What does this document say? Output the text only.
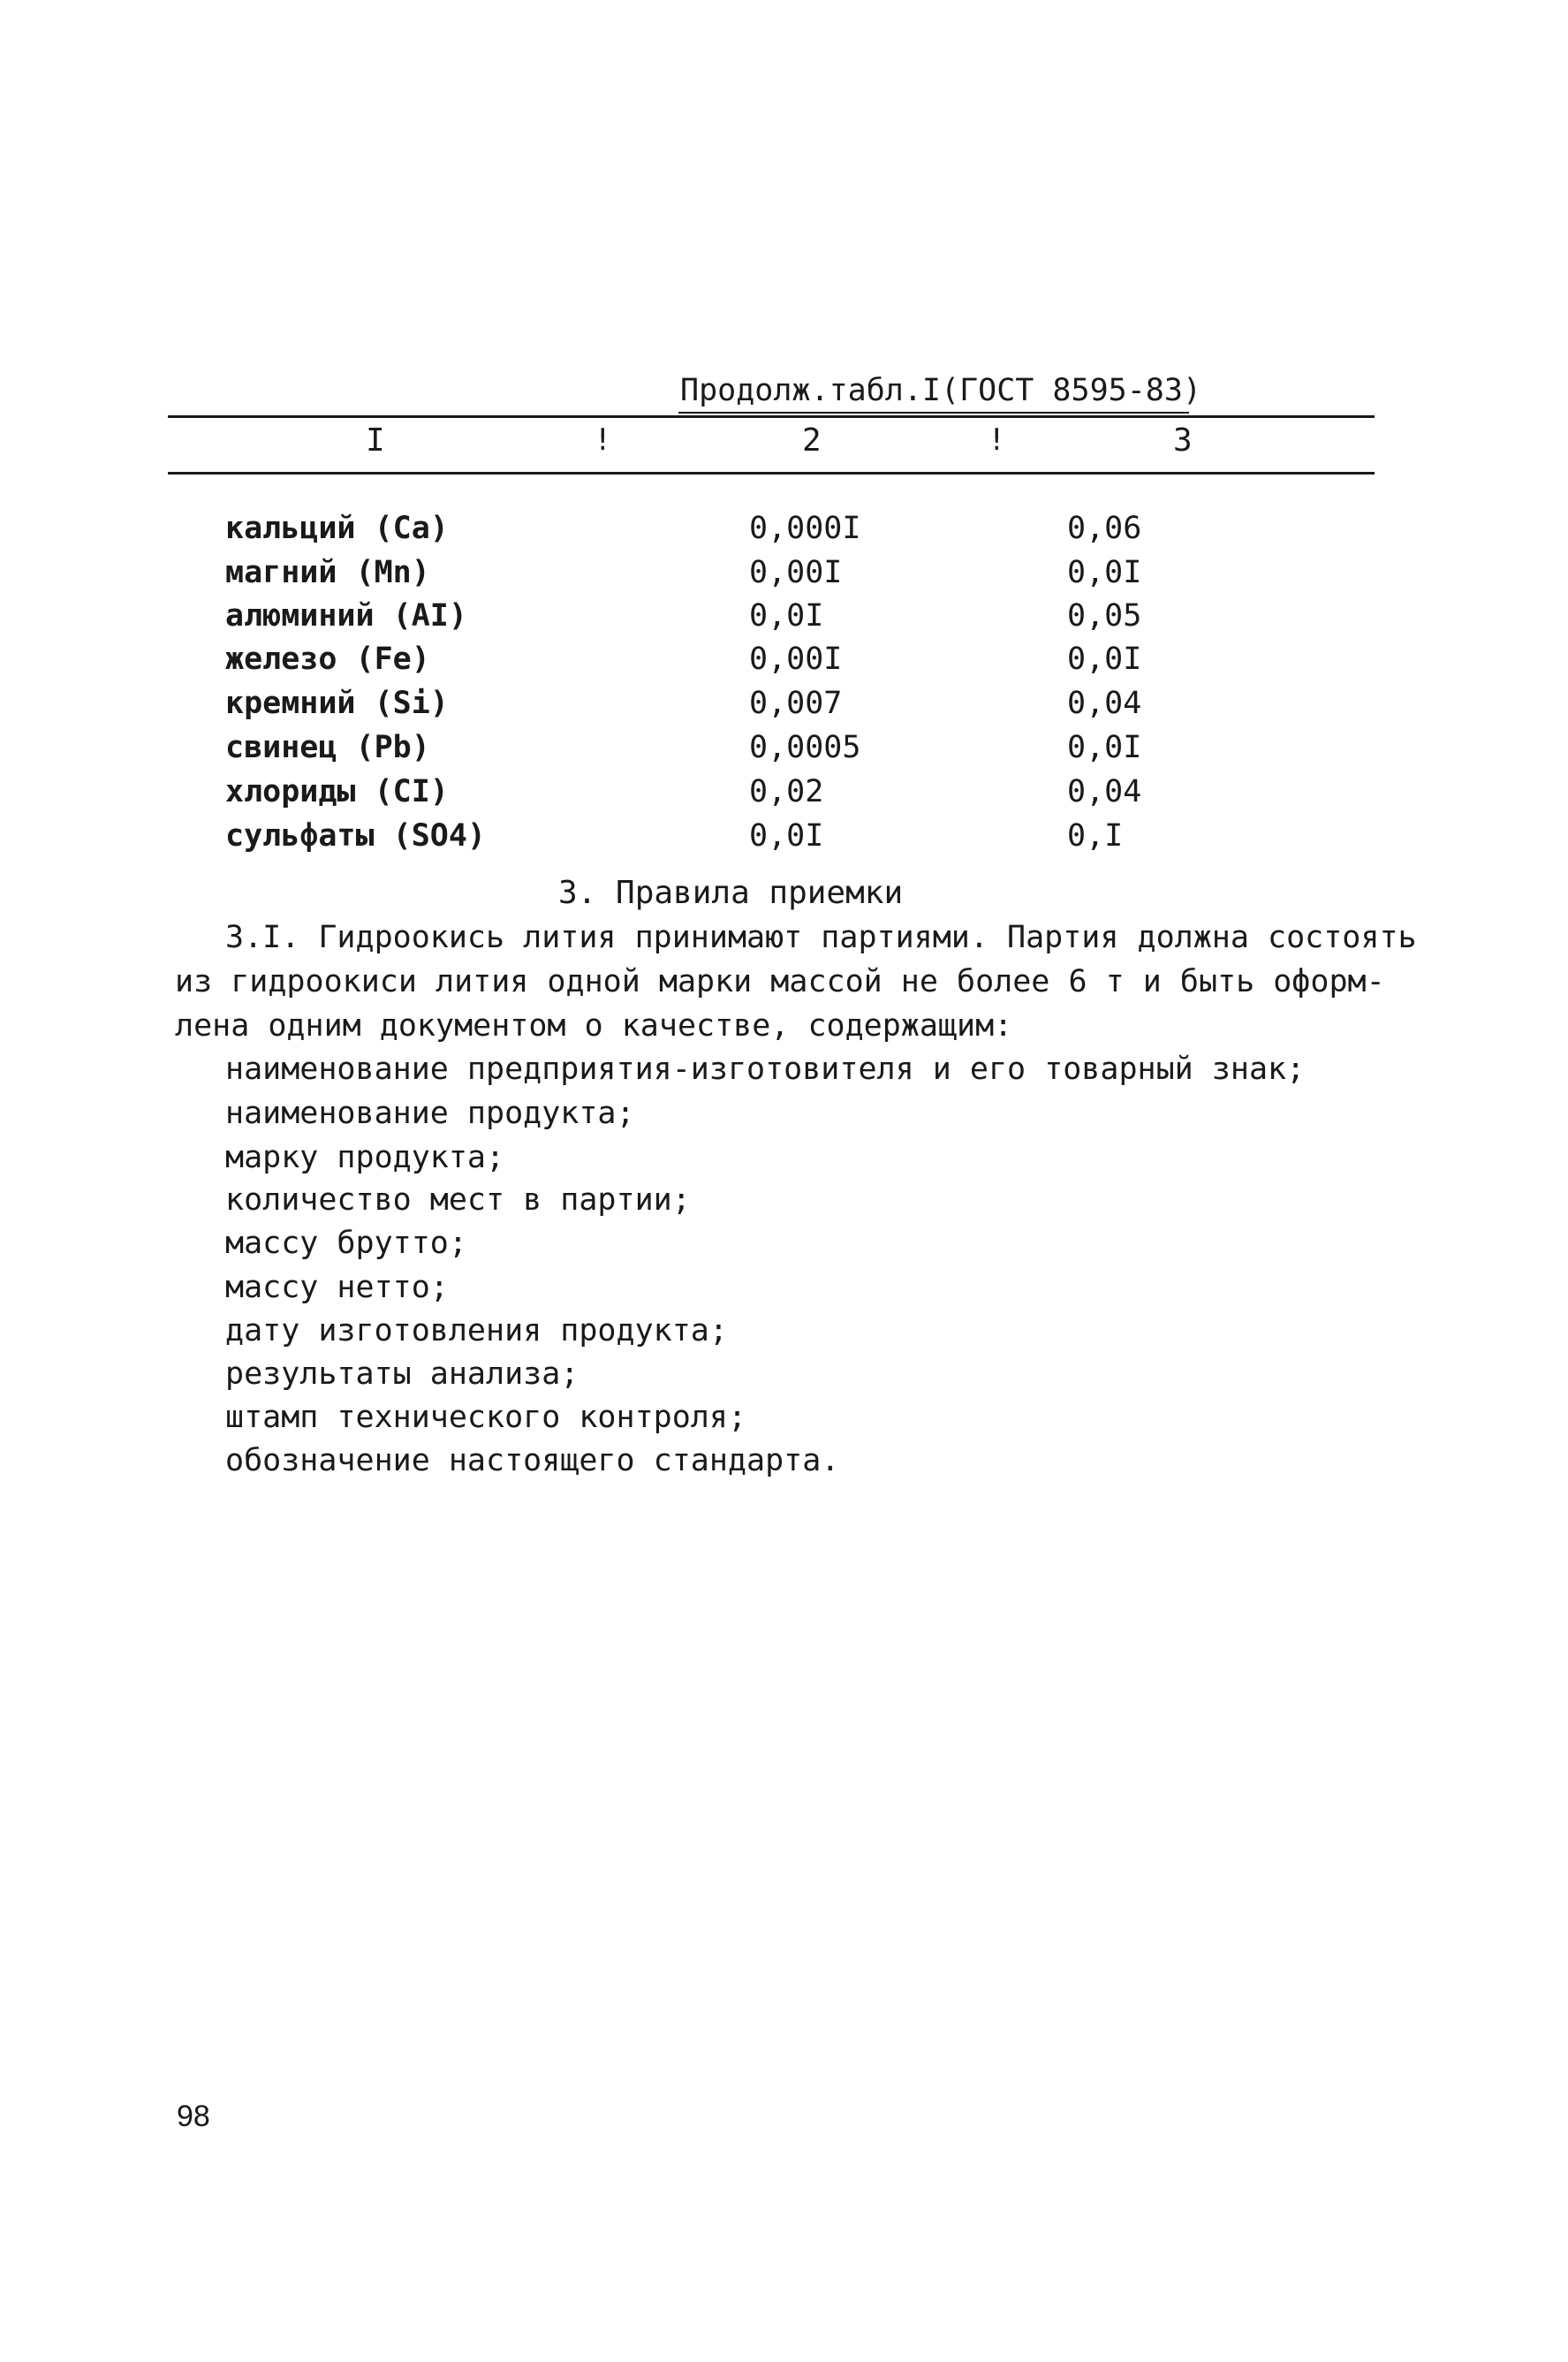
Продолж.табл.I(ГОСТ 8595-83)
I	!	2	!	3
кальций (Са)	0,000I	0,06
магний (Mn)	0,00I	0,0I
алюминий (AI)	0,0I	0,05
железо (Fe)	0,00I	0,0I
кремний (Si)	0,007	0,04
свинец (Pb)	0,0005	0,0I
хлориды (CI)	0,02	0,04
сульфаты (SO4)	0,0I	0,I
3. Правила приемки
3.I. Гидроокись лития принимают партиями. Партия должна состоять
из гидроокиси лития одной марки массой не более 6 т и быть оформ-
лена одним документом о качестве, содержащим:
наименование предприятия-изготовителя и его товарный знак;
наименование продукта;
марку продукта;
количество мест в партии;
массу брутто;
массу нетто;
дату изготовления продукта;
результаты анализа;
штамп технического контроля;
обозначение настоящего стандарта.
98
